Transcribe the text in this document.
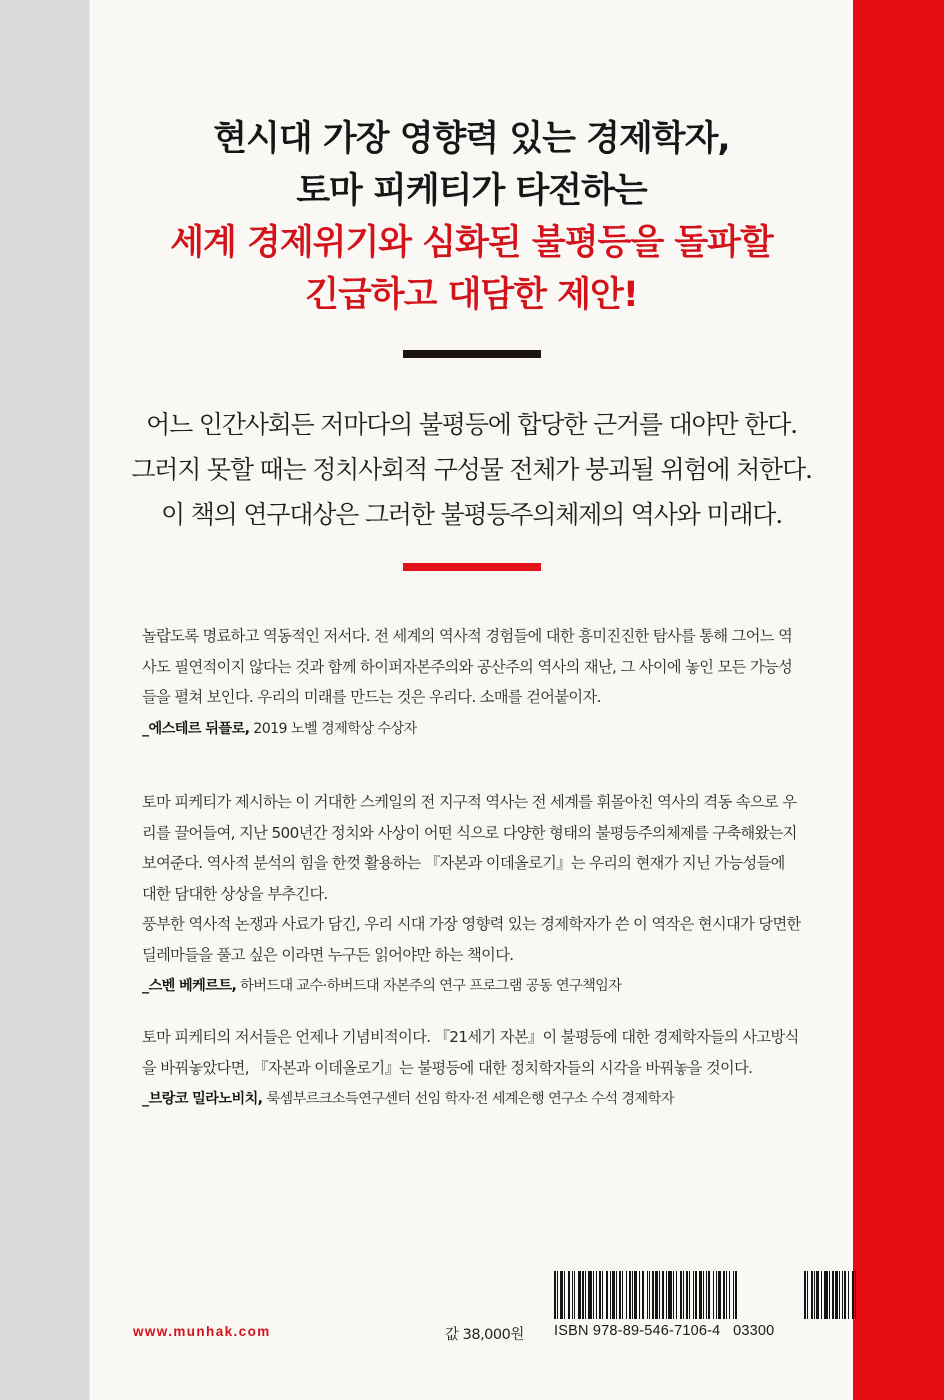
현시대 가장 영향력 있는 경제학자,
토마 피케티가 타전하는
세계 경제위기와 심화된 불평등을 돌파할
긴급하고 대담한 제안!
어느 인간사회든 저마다의 불평등에 합당한 근거를 대야만 한다.
그러지 못할 때는 정치사회적 구성물 전체가 붕괴될 위험에 처한다.
이 책의 연구대상은 그러한 불평등주의체제의 역사와 미래다.

놀랍도록 명료하고 역동적인 저서다. 전 세계의 역사적 경험들에 대한 흥미진진한 탐사를 통해 그어느 역사도 필연적이지 않다는 것과 함께 하이퍼자본주의와 공산주의 역사의 재난, 그 사이에 놓인 모든 가능성들을 펼쳐 보인다. 우리의 미래를 만드는 것은 우리다. 소매를 걷어붙이자.

_에스테르 뒤플로, 2019 노벨 경제학상 수상자

토마 피케티가 제시하는 이 거대한 스케일의 전 지구적 역사는 전 세계를 휘몰아친 역사의 격동 속으로 우리를 끌어들여, 지난 500년간 정치와 사상이 어떤 식으로 다양한 형태의 불평등주의체제를 구축해왔는지 보여준다. 역사적 분석의 힘을 한껏 활용하는 『자본과 이데올로기』는 우리의 현재가 지닌 가능성들에 대한 담대한 상상을 부추긴다.

풍부한 역사적 논쟁과 사료가 담긴, 우리 시대 가장 영향력 있는 경제학자가 쓴 이 역작은 현시대가 당면한 딜레마들을 풀고 싶은 이라면 누구든 읽어야만 하는 책이다.

_스벤 베케르트, 하버드대 교수·하버드대 자본주의 연구 프로그램 공동 연구책임자

토마 피케티의 저서들은 언제나 기념비적이다. 『21세기 자본』이 불평등에 대한 경제학자들의 사고방식을 바꿔놓았다면, 『자본과 이데올로기』는 불평등에 대한 정치학자들의 시각을 바꿔놓을 것이다.

_브랑코 밀라노비치, 룩셈부르크소득연구센터 선임 학자·전 세계은행 연구소 수석 경제학자
www.munhak.com	값 38,000원 ISBN 978-89-546-7106-4   03300
